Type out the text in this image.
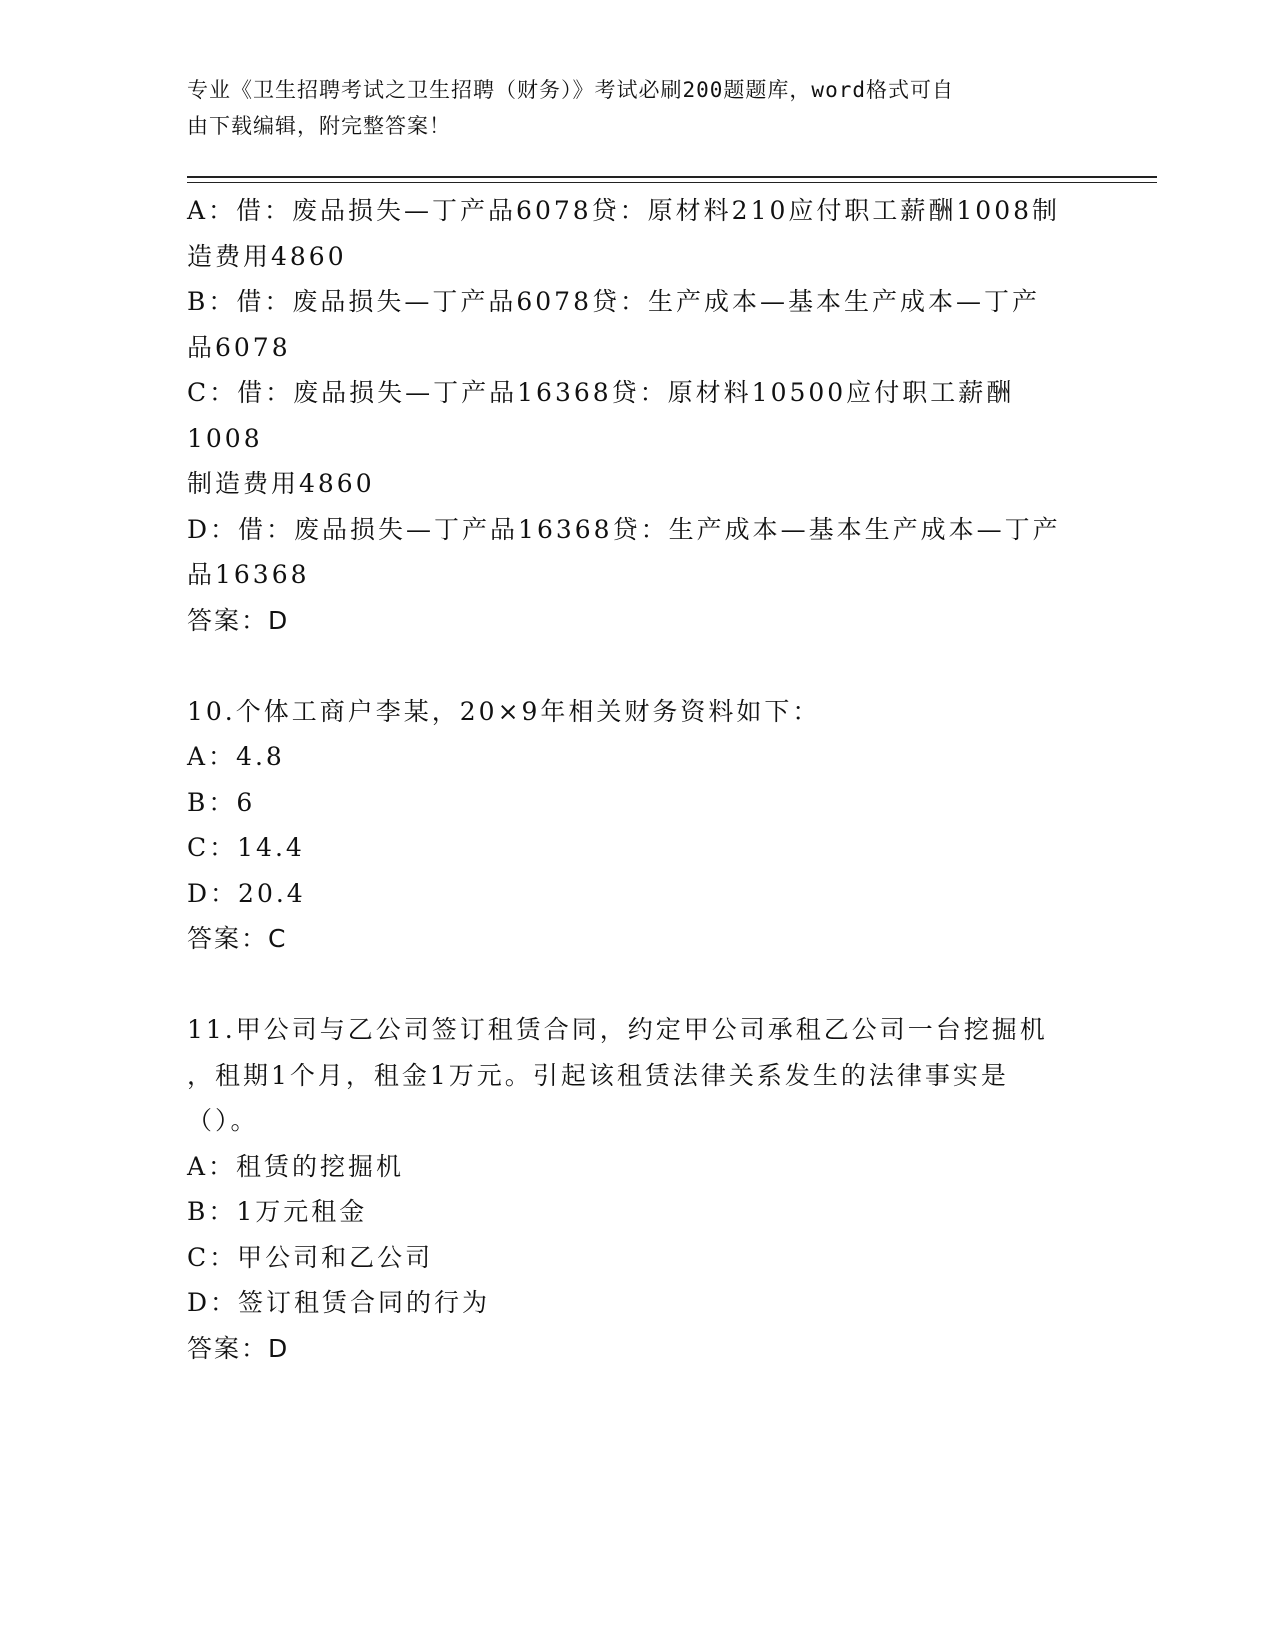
专业《卫生招聘考试之卫生招聘（财务）》考试必刷200题题库，word格式可自
由下载编辑，附完整答案！
A：借：废品损失—丁产品6078贷：原材料210应付职工薪酬1008制
造费用4860
B：借：废品损失—丁产品6078贷：生产成本—基本生产成本—丁产
品6078
C：借：废品损失—丁产品16368贷：原材料10500应付职工薪酬1008
制造费用4860
D：借：废品损失—丁产品16368贷：生产成本—基本生产成本—丁产
品16368
答案：D
10.个体工商户李某，20×9年相关财务资料如下：
A：4.8
B：6
C：14.4
D：20.4
答案：C
11.甲公司与乙公司签订租赁合同，约定甲公司承租乙公司一台挖掘机
，租期1个月，租金1万元。引起该租赁法律关系发生的法律事实是
（）。
A：租赁的挖掘机
B：1万元租金
C：甲公司和乙公司
D：签订租赁合同的行为
答案：D
